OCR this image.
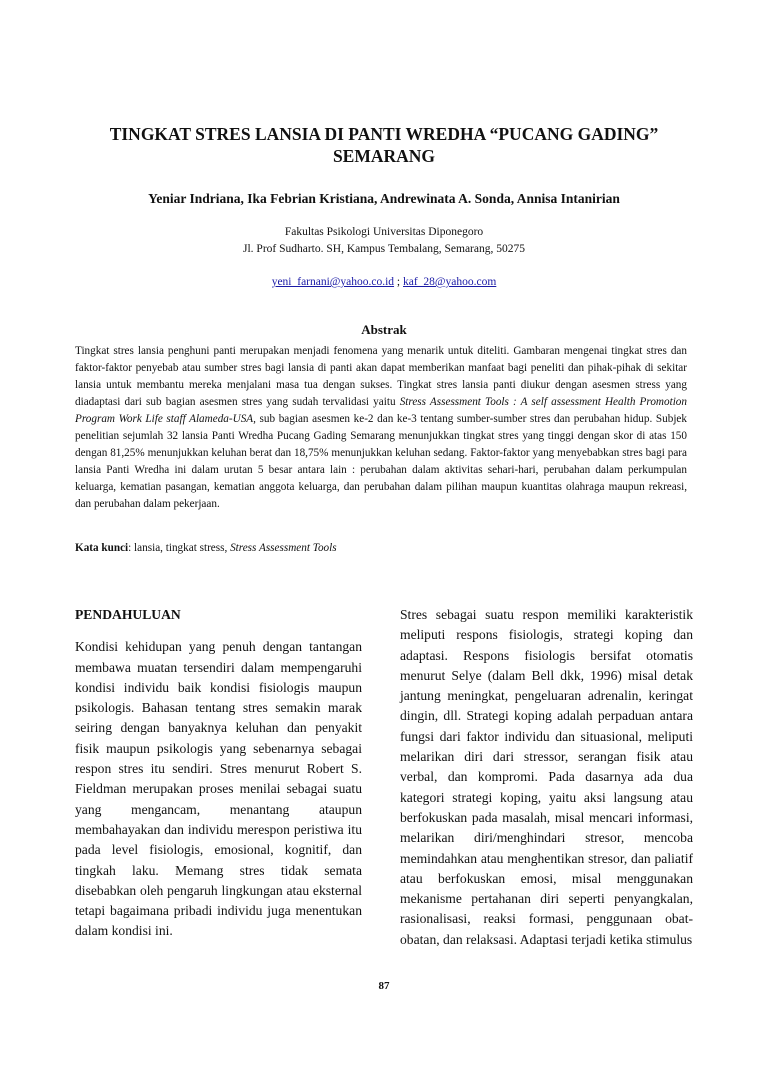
TINGKAT STRES LANSIA DI PANTI WREDHA “PUCANG GADING”
SEMARANG
Yeniar Indriana, Ika Febrian Kristiana, Andrewinata A. Sonda, Annisa Intanirian
Fakultas Psikologi Universitas Diponegoro
Jl. Prof Sudharto. SH, Kampus Tembalang, Semarang, 50275
yeni_farnani@yahoo.co.id ; kaf_28@yahoo.com
Abstrak

Tingkat stres lansia penghuni panti merupakan menjadi fenomena yang menarik untuk diteliti. Gambaran mengenai tingkat stres dan faktor-faktor penyebab atau sumber stres bagi lansia di panti akan dapat memberikan manfaat bagi peneliti dan pihak-pihak di sekitar lansia untuk membantu mereka menjalani masa tua dengan sukses. Tingkat stres lansia panti diukur dengan asesmen stress yang diadaptasi dari sub bagian asesmen stres yang sudah tervalidasi yaitu Stress Assessment Tools : A self assessment Health Promotion Program Work Life staff Alameda-USA, sub bagian asesmen ke-2 dan ke-3 tentang sumber-sumber stres dan perubahan hidup. Subjek penelitian sejumlah 32 lansia Panti Wredha Pucang Gading Semarang menunjukkan tingkat stres yang tinggi dengan skor di atas 150 dengan 81,25% menunjukkan keluhan berat dan 18,75% menunjukkan keluhan sedang. Faktor-faktor yang menyebabkan stres bagi para lansia Panti Wredha ini dalam urutan 5 besar antara lain : perubahan dalam aktivitas sehari-hari, perubahan dalam perkumpulan keluarga, kematian pasangan, kematian anggota keluarga, dan perubahan dalam pilihan maupun kuantitas olahraga maupun rekreasi, dan perubahan dalam pekerjaan.

Kata kunci: lansia, tingkat stress, Stress Assessment Tools
PENDAHULUAN

Kondisi kehidupan yang penuh dengan tantangan membawa muatan tersendiri dalam mempengaruhi kondisi individu baik kondisi fisiologis maupun psikologis. Bahasan tentang stres semakin marak seiring dengan banyaknya keluhan dan penyakit fisik maupun psikologis yang sebenarnya sebagai respon stres itu sendiri. Stres menurut Robert S. Fieldman merupakan proses menilai sebagai suatu yang mengancam, menantang ataupun membahayakan dan individu merespon peristiwa itu pada level fisiologis, emosional, kognitif, dan tingkah laku. Memang stres tidak semata disebabkan oleh pengaruh lingkungan atau eksternal tetapi bagaimana pribadi individu juga menentukan dalam kondisi ini.

Stres sebagai suatu respon memiliki karakteristik meliputi respons fisiologis, strategi koping dan adaptasi. Respons fisiologis bersifat otomatis menurut Selye (dalam Bell dkk, 1996) misal detak jantung meningkat, pengeluaran adrenalin, keringat dingin, dll. Strategi koping adalah perpaduan antara fungsi dari faktor individu dan situasional, meliputi melarikan diri dari stressor, serangan fisik atau verbal, dan kompromi. Pada dasarnya ada dua kategori strategi koping, yaitu aksi langsung atau berfokuskan pada masalah, misal mencari informasi, melarikan diri/menghindari stresor, mencoba memindahkan atau menghentikan stresor, dan paliatif atau berfokuskan emosi, misal menggunakan mekanisme pertahanan diri seperti penyangkalan, rasionalisasi, reaksi formasi, penggunaan obat-obatan, dan relaksasi. Adaptasi terjadi ketika stimulus

87
